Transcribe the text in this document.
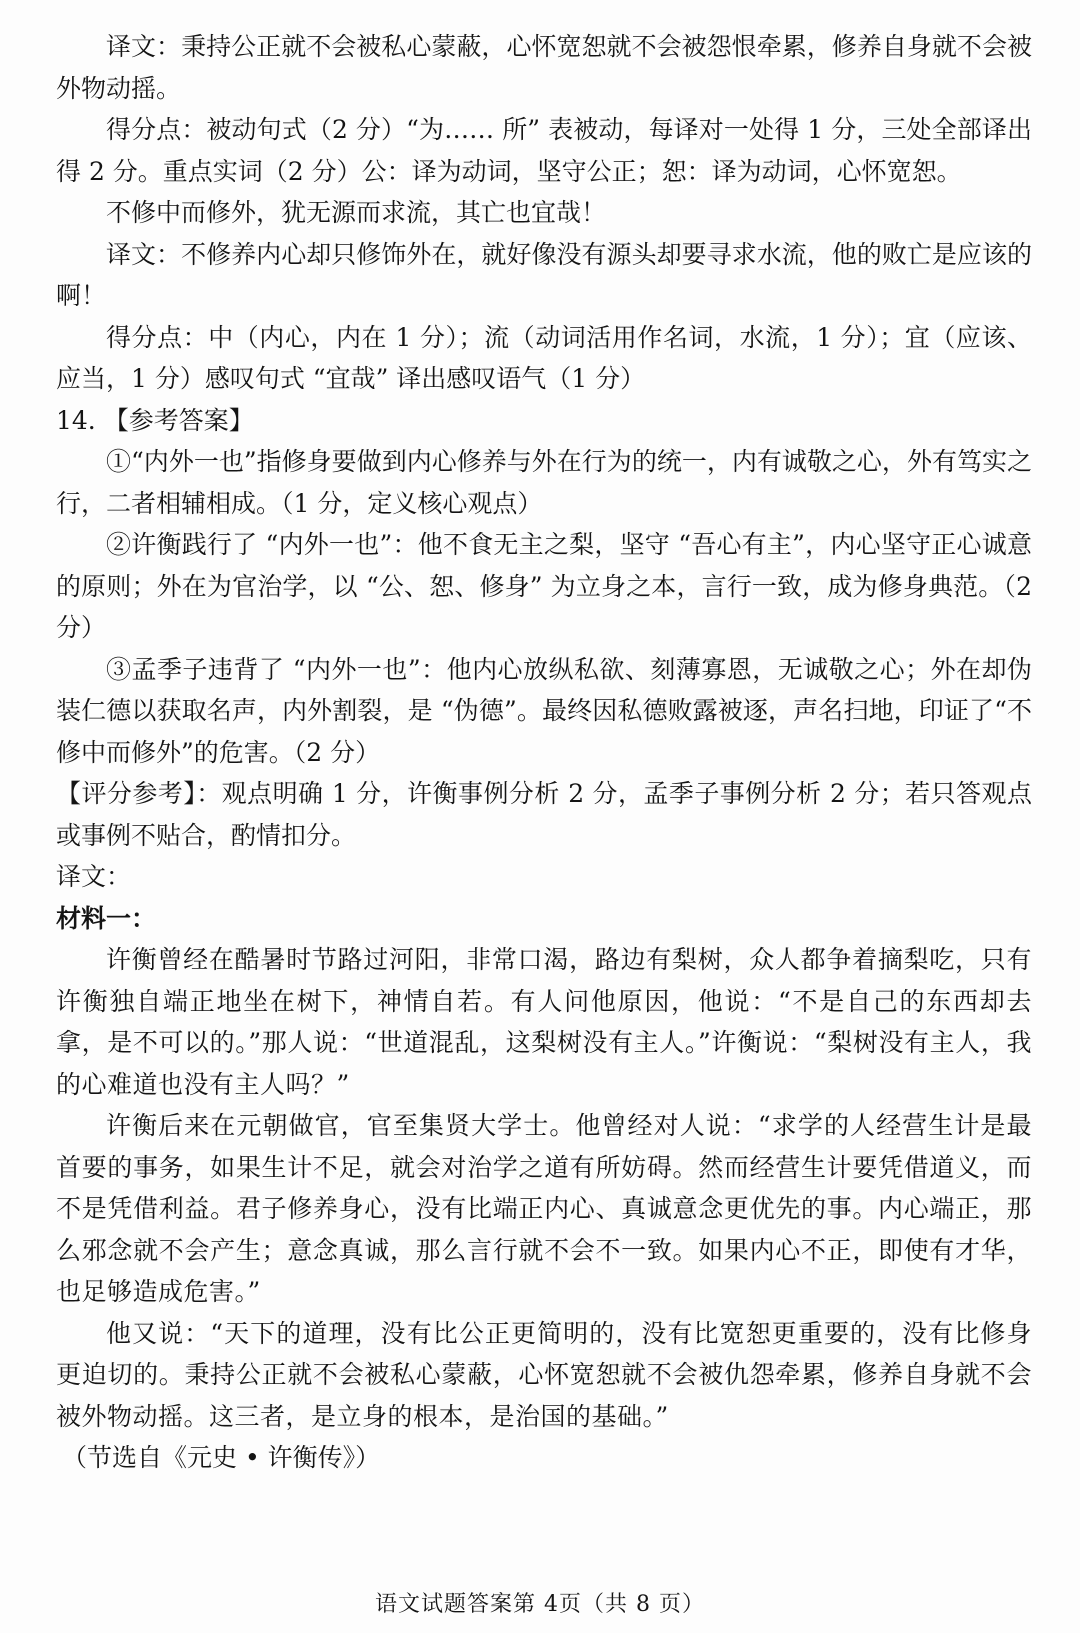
译文：秉持公正就不会被私心蒙蔽，心怀宽恕就不会被怨恨牵累，修养自身就不会被外物动摇。

得分点：被动句式（2 分）“为…… 所” 表被动，每译对一处得 1 分，三处全部译出得 2 分。重点实词（2 分）公：译为动词，坚守公正；恕：译为动词，心怀宽恕。

不修中而修外，犹无源而求流，其亡也宜哉！

译文：不修养内心却只修饰外在，就好像没有源头却要寻求水流，他的败亡是应该的啊！

得分点：中（内心，内在 1 分）；流（动词活用作名词，水流，1 分）；宜（应该、应当，1 分）感叹句式 “宜哉” 译出感叹语气（1 分）

14. 【参考答案】

①“内外一也”指修身要做到内心修养与外在行为的统一，内有诚敬之心，外有笃实之行，二者相辅相成。（1 分，定义核心观点）

②许衡践行了 “内外一也”：他不食无主之梨，坚守 “吾心有主”，内心坚守正心诚意的原则；外在为官治学，以 “公、恕、修身” 为立身之本，言行一致，成为修身典范。（2 分）

③孟季子违背了 “内外一也”：他内心放纵私欲、刻薄寡恩，无诚敬之心；外在却伪装仁德以获取名声，内外割裂，是 “伪德”。最终因私德败露被逐，声名扫地，印证了“不修中而修外”的危害。（2 分）

【评分参考】：观点明确 1 分，许衡事例分析 2 分，孟季子事例分析 2 分；若只答观点或事例不贴合，酌情扣分。

译文：

材料一：

许衡曾经在酷暑时节路过河阳，非常口渴，路边有梨树，众人都争着摘梨吃，只有许衡独自端正地坐在树下，神情自若。有人问他原因，他说：“不是自己的东西却去拿，是不可以的。”那人说：“世道混乱，这梨树没有主人。”许衡说：“梨树没有主人，我的心难道也没有主人吗？”

许衡后来在元朝做官，官至集贤大学士。他曾经对人说：“求学的人经营生计是最首要的事务，如果生计不足，就会对治学之道有所妨碍。然而经营生计要凭借道义，而不是凭借利益。君子修养身心，没有比端正内心、真诚意念更优先的事。内心端正，那么邪念就不会产生；意念真诚，那么言行就不会不一致。如果内心不正，即使有才华，也足够造成危害。”

他又说：“天下的道理，没有比公正更简明的，没有比宽恕更重要的，没有比修身更迫切的。秉持公正就不会被私心蒙蔽，心怀宽恕就不会被仇怨牵累，修养自身就不会被外物动摇。这三者，是立身的根本，是治国的基础。”

（节选自《元史 • 许衡传》）

语文试题答案第 4页（共 8 页）
